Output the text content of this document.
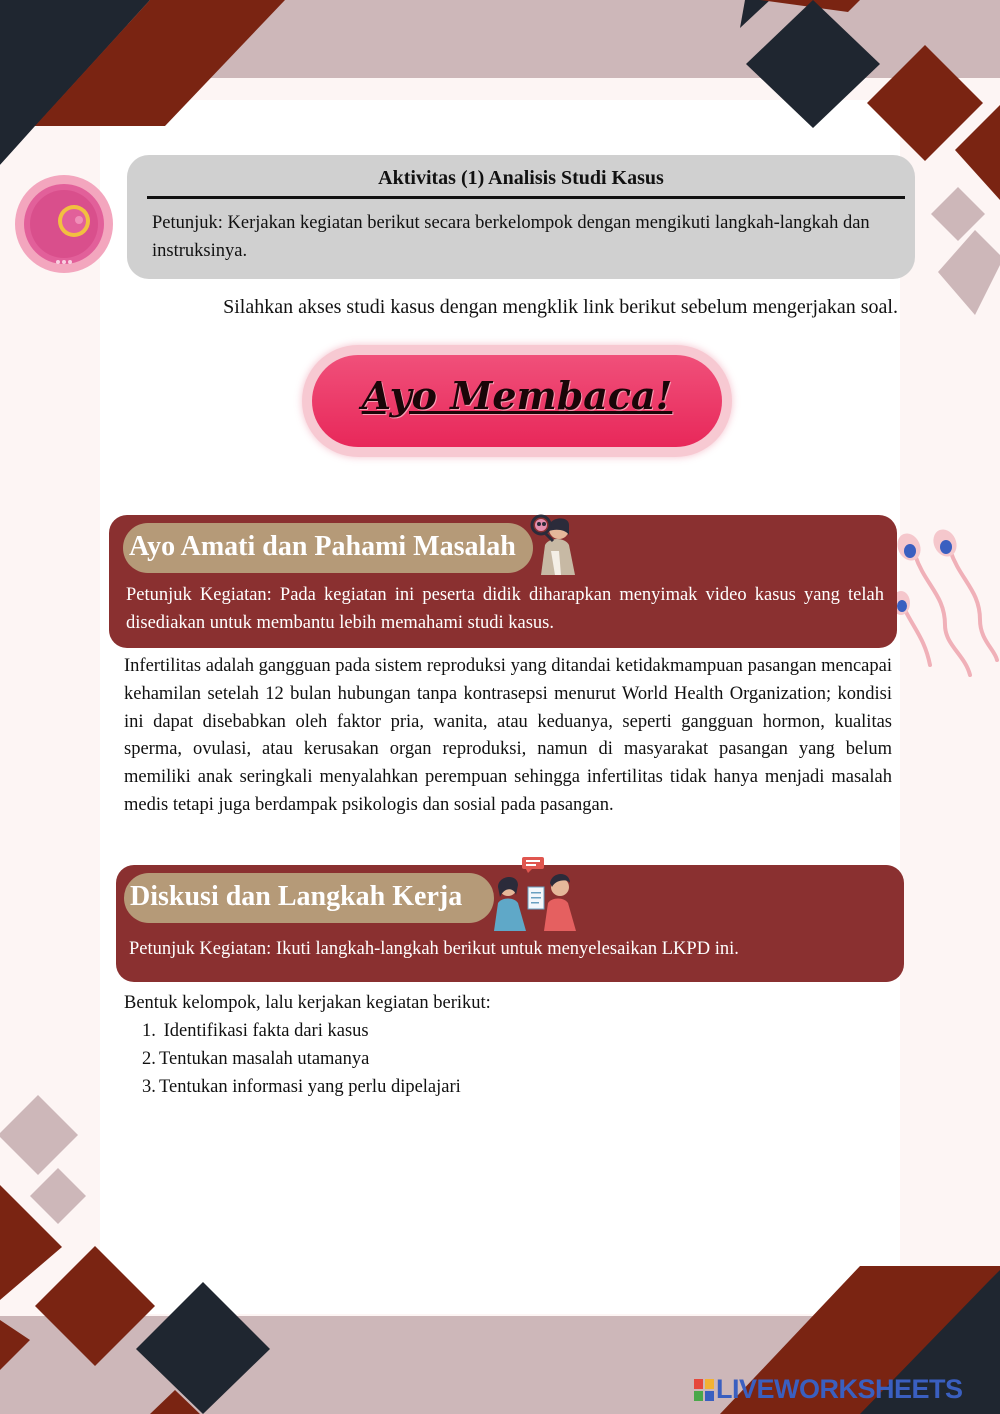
Aktivitas (1) Analisis Studi Kasus
Petunjuk: Kerjakan kegiatan berikut secara berkelompok dengan mengikuti langkah-langkah dan instruksinya.
Silahkan akses studi kasus dengan mengklik link berikut sebelum mengerjakan soal.
Ayo Membaca!
Ayo Amati dan Pahami Masalah
Petunjuk Kegiatan: Pada kegiatan ini peserta didik diharapkan menyimak video kasus yang telah disediakan untuk membantu lebih memahami studi kasus.
Infertilitas adalah gangguan pada sistem reproduksi yang ditandai ketidakmampuan pasangan mencapai kehamilan setelah 12 bulan hubungan tanpa kontrasepsi menurut World Health Organization; kondisi ini dapat disebabkan oleh faktor pria, wanita, atau keduanya, seperti gangguan hormon, kualitas sperma, ovulasi, atau kerusakan organ reproduksi, namun di masyarakat pasangan yang belum memiliki anak seringkali menyalahkan perempuan sehingga infertilitas tidak hanya menjadi masalah medis tetapi juga berdampak psikologis dan sosial pada pasangan.
Diskusi dan Langkah Kerja
Petunjuk Kegiatan: Ikuti langkah-langkah berikut untuk menyelesaikan LKPD ini.
Bentuk kelompok, lalu kerjakan kegiatan berikut:
1. Identifikasi fakta dari kasus
2. Tentukan masalah utamanya
3. Tentukan informasi yang perlu dipelajari
LIVEWORKSHEETS
